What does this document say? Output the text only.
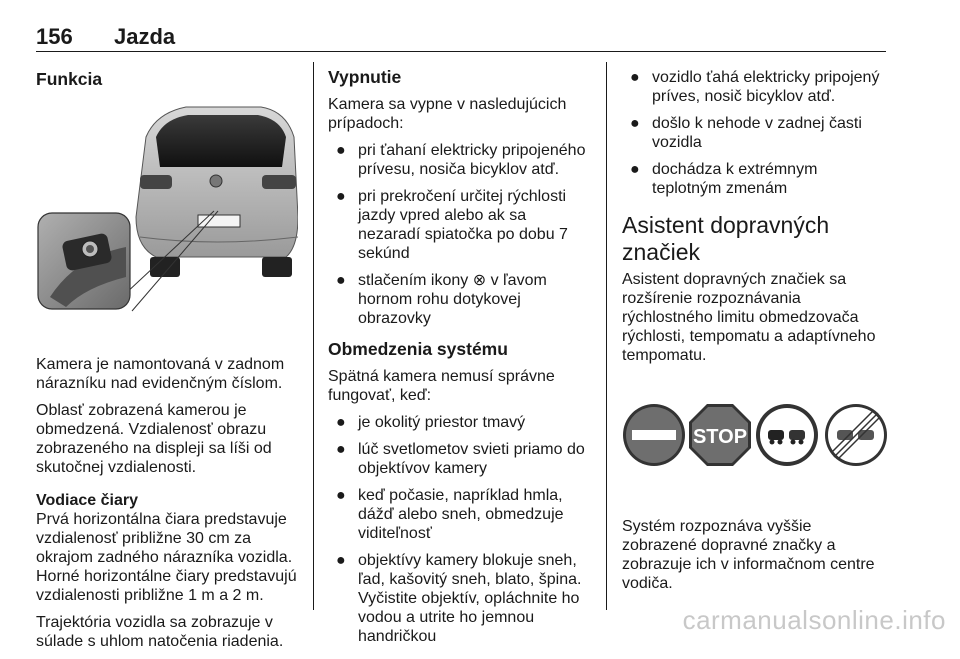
156 Jazda
Funkcia

Kamera je namontovaná v zadnom nárazníku nad evidenčným číslom.

Oblasť zobrazená kamerou je obmedzená. Vzdialenosť obrazu zobrazeného na displeji sa líši od skutočnej vzdialenosti.

Vodiace čiary

Prvá horizontálna čiara predstavuje vzdialenosť približne 30 cm za okrajom zadného nárazníka vozidla. Horné horizontálne čiary predstavujú vzdialenosti približne 1 m a 2 m.

Trajektória vozidla sa zobrazuje v súlade s uhlom natočenia riadenia.

Vypnutie

Kamera sa vypne v nasledujúcich prípadoch:

● pri ťahaní elektricky pripojeného prívesu, nosiča bicyklov atď.
● pri prekročení určitej rýchlosti jazdy vpred alebo ak sa nezaradí spiatočka po dobu 7 sekúnd
● stlačením ikony ⊗ v ľavom hornom rohu dotykovej obrazovky
Obmedzenia systému

Spätná kamera nemusí správne fungovať, keď:

● je okolitý priestor tmavý
● lúč svetlometov svieti priamo do objektívov kamery
● keď počasie, napríklad hmla, dážď alebo sneh, obmedzuje viditeľnosť
● objektívy kamery blokuje sneh, ľad, kašovitý sneh, blato, špina. Vyčistite objektív, opláchnite ho vodou a utrite ho jemnou handričkou
● vozidlo ťahá elektricky pripojený príves, nosič bicyklov atď.
● došlo k nehode v zadnej časti vozidla
● dochádza k extrémnym teplotným zmenám
Asistent dopravných značiek

Asistent dopravných značiek sa rozšírenie rozpoznávania rýchlostného limitu obmedzovača rýchlosti, tempomatu a adaptívneho tempomatu.

STOP

Systém rozpoznáva vyššie zobrazené dopravné značky a zobrazuje ich v informačnom centre vodiča.

carmanualsonline.info
